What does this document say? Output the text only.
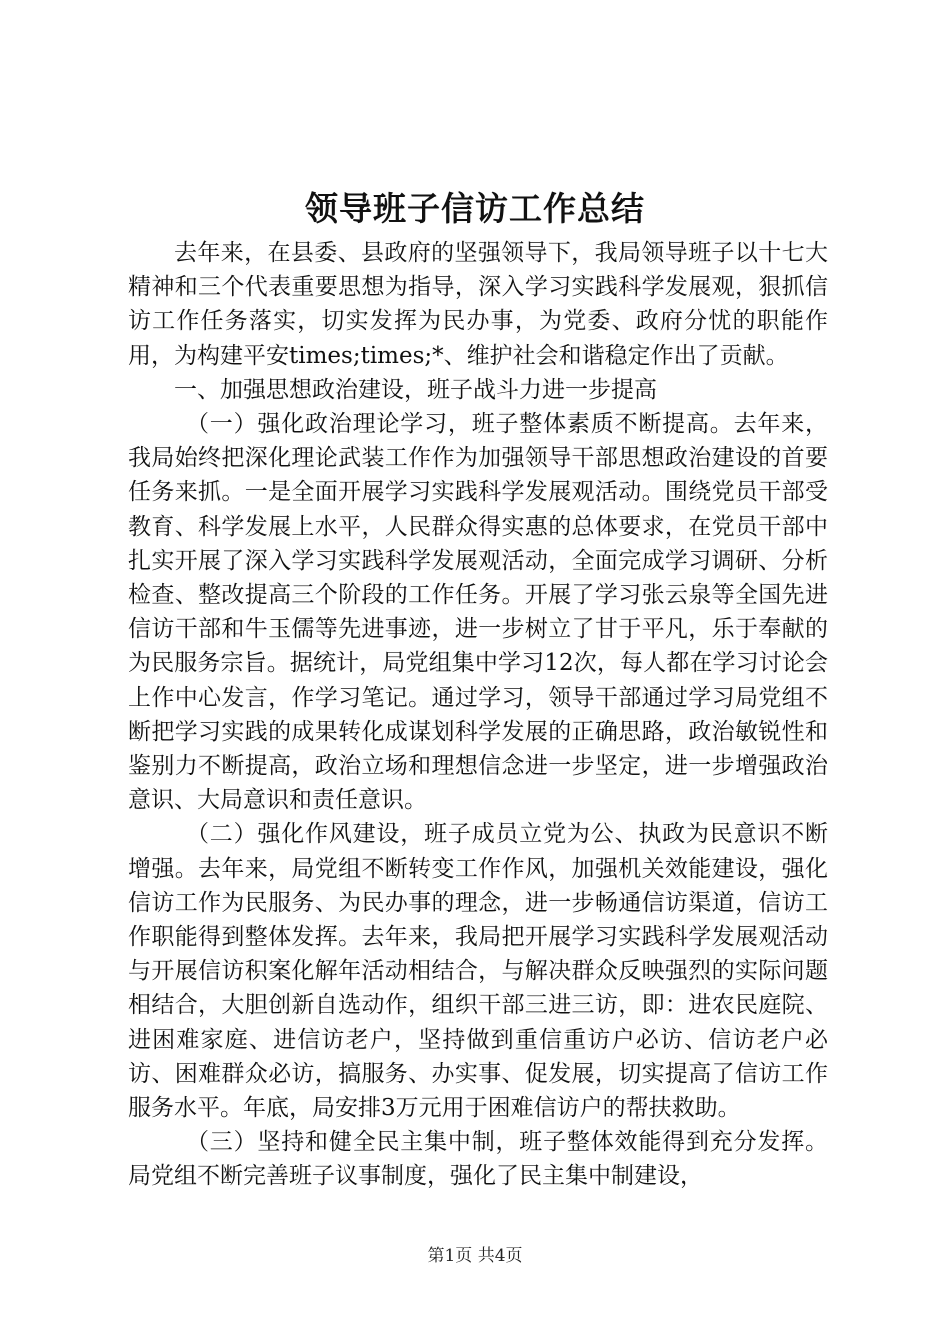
领导班子信访工作总结

去年来，在县委、县政府的坚强领导下，我局领导班子以十七大精神和三个代表重要思想为指导，深入学习实践科学发展观，狠抓信访工作任务落实，切实发挥为民办事，为党委、政府分忧的职能作用，为构建平安times;times;*、维护社会和谐稳定作出了贡献。

一、加强思想政治建设，班子战斗力进一步提高

（一）强化政治理论学习，班子整体素质不断提高。去年来，我局始终把深化理论武装工作作为加强领导干部思想政治建设的首要任务来抓。一是全面开展学习实践科学发展观活动。围绕党员干部受教育、科学发展上水平，人民群众得实惠的总体要求，在党员干部中扎实开展了深入学习实践科学发展观活动，全面完成学习调研、分析检查、整改提高三个阶段的工作任务。开展了学习张云泉等全国先进信访干部和牛玉儒等先进事迹，进一步树立了甘于平凡，乐于奉献的为民服务宗旨。据统计，局党组集中学习12次，每人都在学习讨论会上作中心发言，作学习笔记。通过学习，领导干部通过学习局党组不断把学习实践的成果转化成谋划科学发展的正确思路，政治敏锐性和鉴别力不断提高，政治立场和理想信念进一步坚定，进一步增强政治意识、大局意识和责任意识。

（二）强化作风建设，班子成员立党为公、执政为民意识不断增强。去年来，局党组不断转变工作作风，加强机关效能建设，强化信访工作为民服务、为民办事的理念，进一步畅通信访渠道，信访工作职能得到整体发挥。去年来，我局把开展学习实践科学发展观活动与开展信访积案化解年活动相结合，与解决群众反映强烈的实际问题相结合，大胆创新自选动作，组织干部三进三访，即：进农民庭院、进困难家庭、进信访老户，坚持做到重信重访户必访、信访老户必访、困难群众必访，搞服务、办实事、促发展，切实提高了信访工作服务水平。年底，局安排3万元用于困难信访户的帮扶救助。

（三）坚持和健全民主集中制，班子整体效能得到充分发挥。局党组不断完善班子议事制度，强化了民主集中制建设，

第1页 共4页
